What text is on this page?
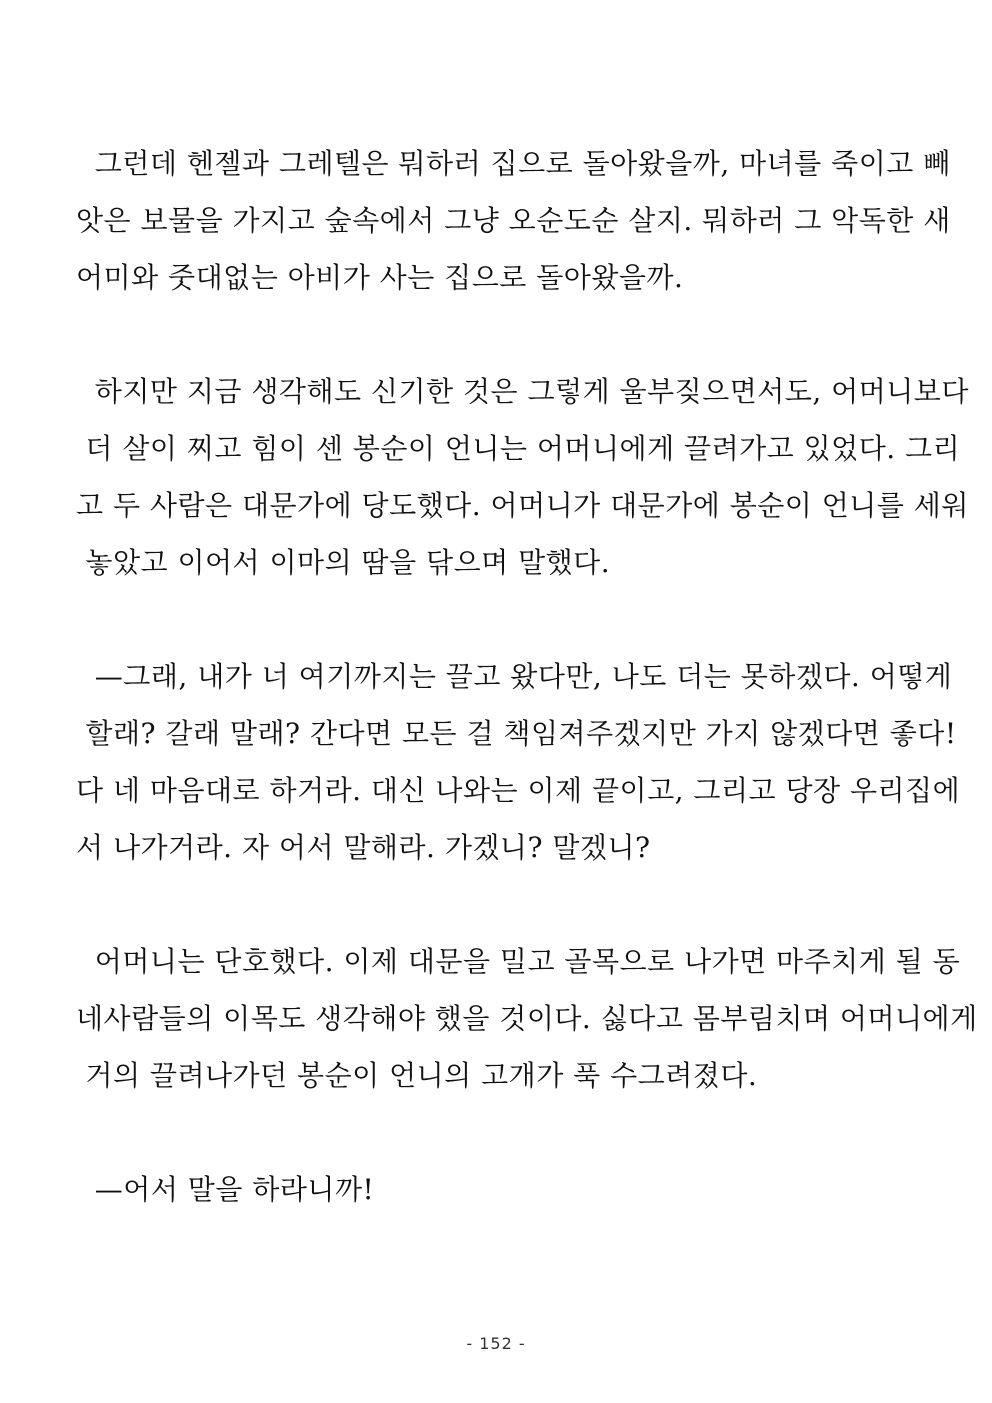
그런데 헨젤과 그레텔은 뭐하러 집으로 돌아왔을까, 마녀를 죽이고 빼
앗은 보물을 가지고 숲속에서 그냥 오순도순 살지. 뭐하러 그 악독한 새
어미와 줏대없는 아비가 사는 집으로 돌아왔을까.
하지만 지금 생각해도 신기한 것은 그렇게 울부짖으면서도, 어머니보다
더 살이 찌고 힘이 센 봉순이 언니는 어머니에게 끌려가고 있었다. 그리
고 두 사람은 대문가에 당도했다. 어머니가 대문가에 봉순이 언니를 세워
놓았고 이어서 이마의 땀을 닦으며 말했다.
—그래, 내가 너 여기까지는 끌고 왔다만, 나도 더는 못하겠다. 어떻게
할래? 갈래 말래? 간다면 모든 걸 책임져주겠지만 가지 않겠다면 좋다!
다 네 마음대로 하거라. 대신 나와는 이제 끝이고, 그리고 당장 우리집에
서 나가거라. 자 어서 말해라. 가겠니? 말겠니?
어머니는 단호했다. 이제 대문을 밀고 골목으로 나가면 마주치게 될 동
네사람들의 이목도 생각해야 했을 것이다. 싫다고 몸부림치며 어머니에게
거의 끌려나가던 봉순이 언니의 고개가 푹 수그려졌다.
—어서 말을 하라니까!
- 152 -
